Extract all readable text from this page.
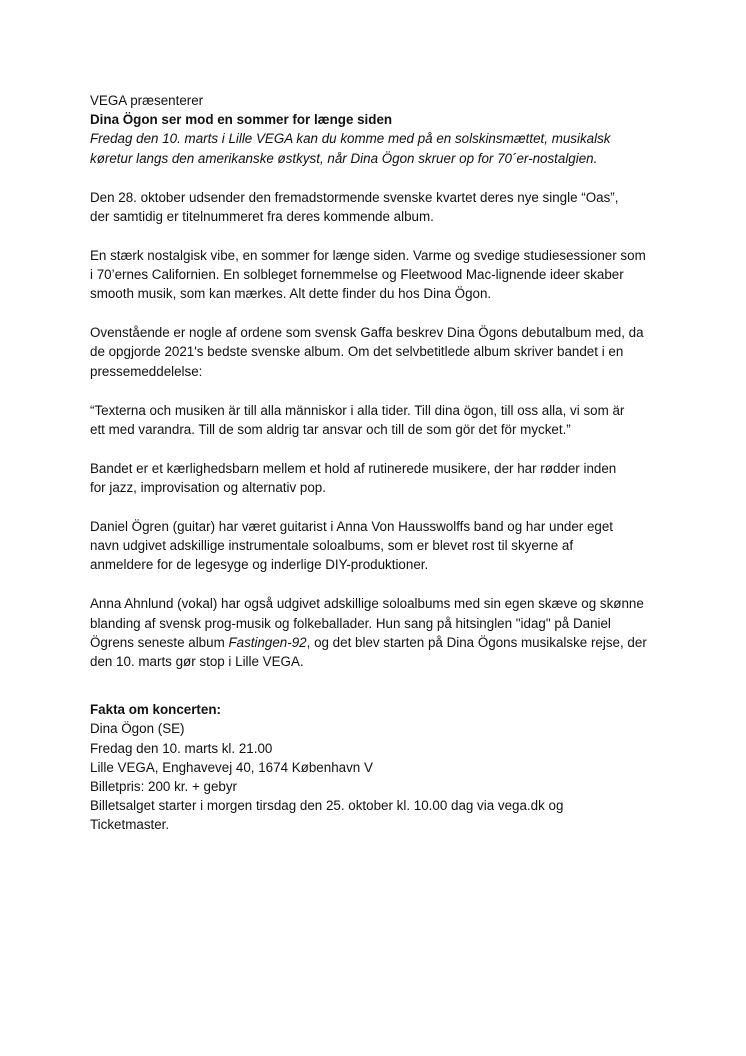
VEGA præsenterer
Dina Ögon ser mod en sommer for længe siden
Fredag den 10. marts i Lille VEGA kan du komme med på en solskinsmættet, musikalsk
køretur langs den amerikanske østkyst, når Dina Ögon skruer op for 70´er-nostalgien.
Den 28. oktober udsender den fremadstormende svenske kvartet deres nye single “Oas”,
der samtidig er titelnummeret fra deres kommende album.
En stærk nostalgisk vibe, en sommer for længe siden. Varme og svedige studiesessioner som
i 70’ernes Californien. En solbleget fornemmelse og Fleetwood Mac-lignende ideer skaber
smooth musik, som kan mærkes. Alt dette finder du hos Dina Ögon.
Ovenstående er nogle af ordene som svensk Gaffa beskrev Dina Ögons debutalbum med, da
de opgjorde 2021's bedste svenske album. Om det selvbetitlede album skriver bandet i en
pressemeddelelse:
“Texterna och musiken är till alla människor i alla tider. Till dina ögon, till oss alla, vi som är
ett med varandra. Till de som aldrig tar ansvar och till de som gör det för mycket.”
Bandet er et kærlighedsbarn mellem et hold af rutinerede musikere, der har rødder inden
for jazz, improvisation og alternativ pop.
Daniel Ögren (guitar) har været guitarist i Anna Von Hausswolffs band og har under eget
navn udgivet adskillige instrumentale soloalbums, som er blevet rost til skyerne af
anmeldere for de legesyge og inderlige DIY-produktioner.
Anna Ahnlund (vokal) har også udgivet adskillige soloalbums med sin egen skæve og skønne
blanding af svensk prog-musik og folkeballader. Hun sang på hitsinglen "idag" på Daniel
Ögrens seneste album Fastingen-92, og det blev starten på Dina Ögons musikalske rejse, der
den 10. marts gør stop i Lille VEGA.
Fakta om koncerten:
Dina Ögon (SE)
Fredag den 10. marts kl. 21.00
Lille VEGA, Enghavevej 40, 1674 København V
Billetpris: 200 kr. + gebyr
Billetsalget starter i morgen tirsdag den 25. oktober kl. 10.00 dag via vega.dk og
Ticketmaster.
